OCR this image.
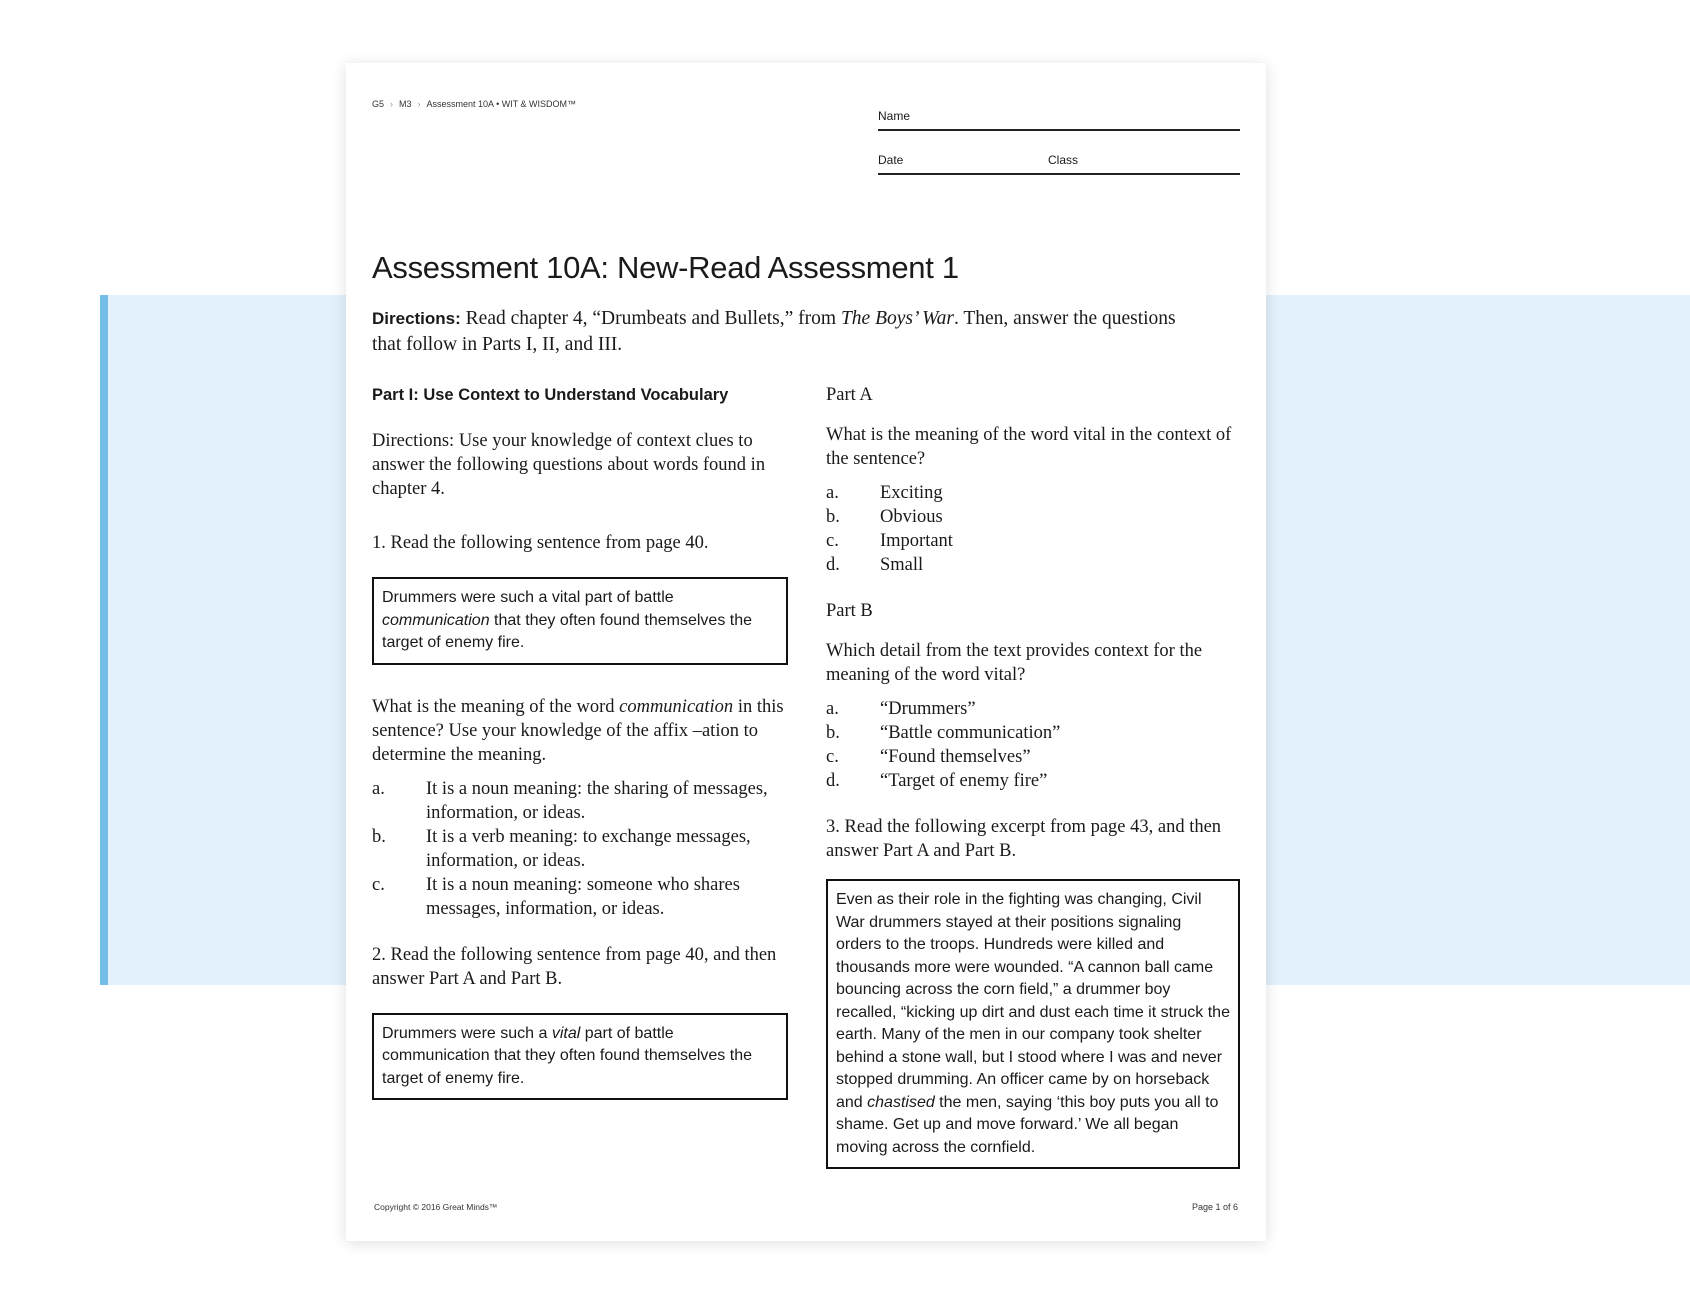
G5 › M3 › Assessment 10A • WIT & WISDOM™
Name
Date	Class
Assessment 10A: New-Read Assessment 1
Directions: Read chapter 4, “Drumbeats and Bullets,” from The Boys’ War. Then, answer the questions that follow in Parts I, II, and III.

Part I: Use Context to Understand Vocabulary

Directions: Use your knowledge of context clues to answer the following questions about words found in chapter 4.

1. Read the following sentence from page 40.

Drummers were such a vital part of battle communication that they often found themselves the target of enemy fire.

What is the meaning of the word communication in this sentence? Use your knowledge of the affix –ation to determine the meaning.

a.	It is a noun meaning: the sharing of messages, information, or ideas.
b.	It is a verb meaning: to exchange messages, information, or ideas.
c.	It is a noun meaning: someone who shares messages, information, or ideas.

2. Read the following sentence from page 40, and then answer Part A and Part B.

Drummers were such a vital part of battle communication that they often found themselves the target of enemy fire.

Part A

What is the meaning of the word vital in the context of the sentence?

a.	Exciting
b.	Obvious
c.	Important
d.	Small

Part B

Which detail from the text provides context for the meaning of the word vital?

a.	“Drummers”
b.	“Battle communication”
c.	“Found themselves”
d.	“Target of enemy fire”

3. Read the following excerpt from page 43, and then answer Part A and Part B.

Even as their role in the fighting was changing, Civil War drummers stayed at their positions signaling orders to the troops. Hundreds were killed and thousands more were wounded. “A cannon ball came bouncing across the corn field,” a drummer boy recalled, “kicking up dirt and dust each time it struck the earth. Many of the men in our company took shelter behind a stone wall, but I stood where I was and never stopped drumming. An officer came by on horseback and chastised the men, saying ‘this boy puts you all to shame. Get up and move forward.’ We all began moving across the cornfield.
Copyright © 2016 Great Minds™	Page 1 of 6
